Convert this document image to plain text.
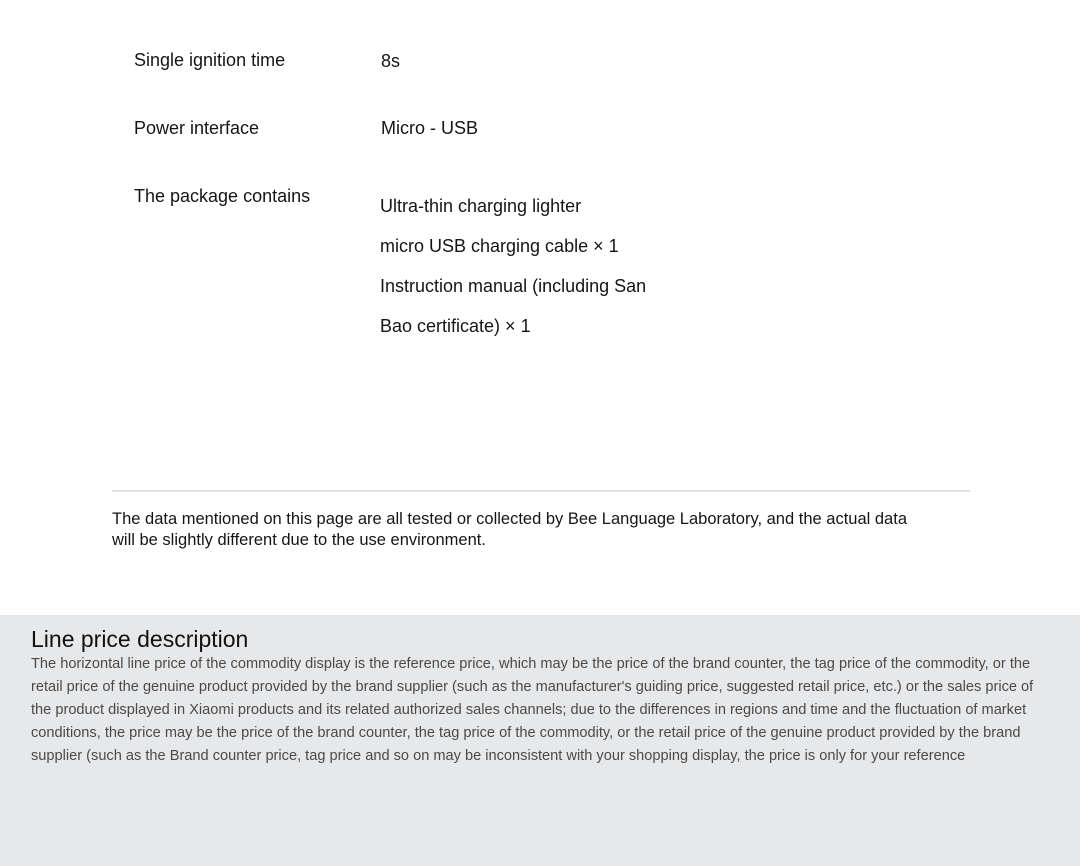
Single ignition time	8s
Power interface	Micro - USB
The package contains	Ultra-thin charging lighter
micro USB charging cable × 1
Instruction manual (including San
Bao certificate) × 1

The data mentioned on this page are all tested or collected by Bee Language Laboratory, and the actual data will be slightly different due to the use environment.

Line price description

The horizontal line price of the commodity display is the reference price, which may be the price of the brand counter, the tag price of the commodity, or the retail price of the genuine product provided by the brand supplier (such as the manufacturer's guiding price, suggested retail price, etc.) or the sales price of the product displayed in Xiaomi products and its related authorized sales channels; due to the differences in regions and time and the fluctuation of market conditions, the price may be the price of the brand counter, the tag price of the commodity, or the retail price of the genuine product provided by the brand supplier (such as the Brand counter price, tag price and so on may be inconsistent with your shopping display, the price is only for your reference
